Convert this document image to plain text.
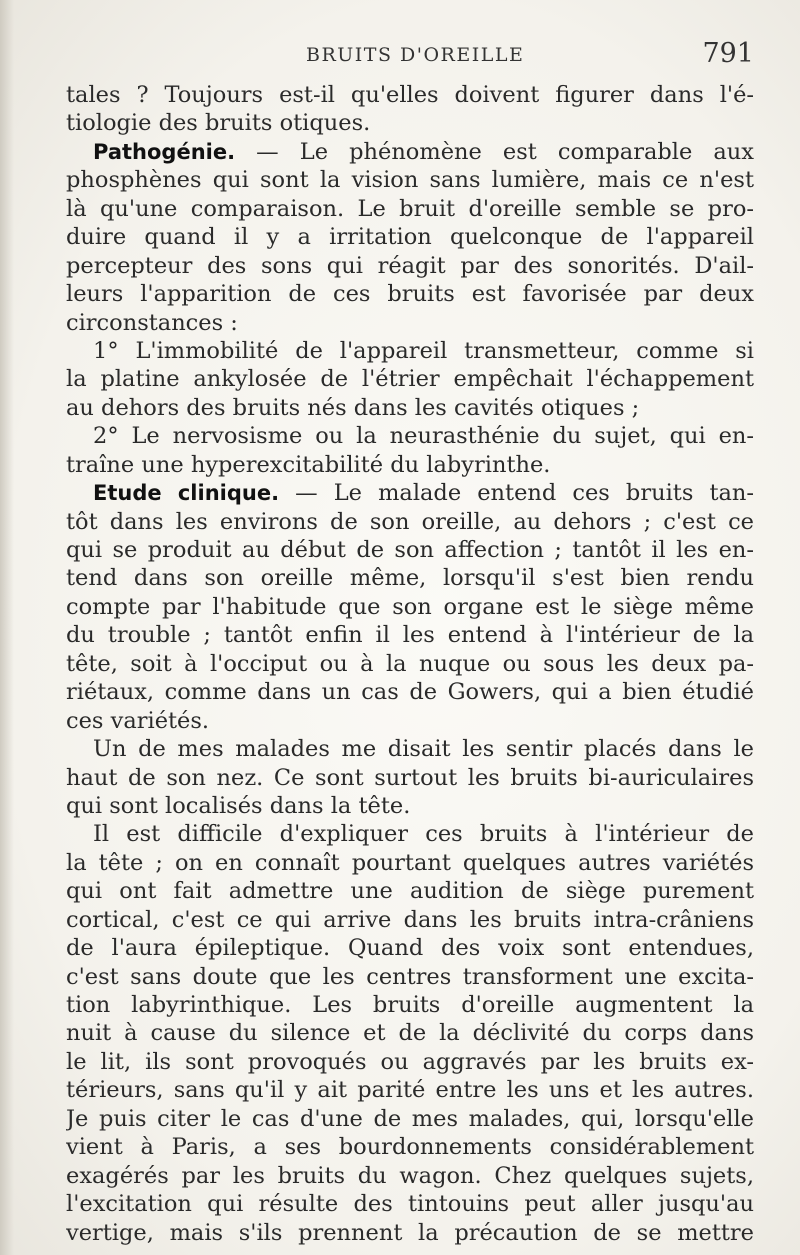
BRUITS D'OREILLE	791
tales ? Toujours est-il qu'elles doivent figurer dans l'é-
tiologie des bruits otiques.
Pathogénie. — Le phénomène est comparable aux
phosphènes qui sont la vision sans lumière, mais ce n'est
là qu'une comparaison. Le bruit d'oreille semble se pro-
duire quand il y a irritation quelconque de l'appareil
percepteur des sons qui réagit par des sonorités. D'ail-
leurs l'apparition de ces bruits est favorisée par deux
circonstances :
1° L'immobilité de l'appareil transmetteur, comme si
la platine ankylosée de l'étrier empêchait l'échappement
au dehors des bruits nés dans les cavités otiques ;
2° Le nervosisme ou la neurasthénie du sujet, qui en-
traîne une hyperexcitabilité du labyrinthe.
Etude clinique. — Le malade entend ces bruits tan-
tôt dans les environs de son oreille, au dehors ; c'est ce
qui se produit au début de son affection ; tantôt il les en-
tend dans son oreille même, lorsqu'il s'est bien rendu
compte par l'habitude que son organe est le siège même
du trouble ; tantôt enfin il les entend à l'intérieur de la
tête, soit à l'occiput ou à la nuque ou sous les deux pa-
riétaux, comme dans un cas de Gowers, qui a bien étudié
ces variétés.
Un de mes malades me disait les sentir placés dans le
haut de son nez. Ce sont surtout les bruits bi-auriculaires
qui sont localisés dans la tête.
Il est difficile d'expliquer ces bruits à l'intérieur de
la tête ; on en connaît pourtant quelques autres variétés
qui ont fait admettre une audition de siège purement
cortical, c'est ce qui arrive dans les bruits intra-crâniens
de l'aura épileptique. Quand des voix sont entendues,
c'est sans doute que les centres transforment une excita-
tion labyrinthique. Les bruits d'oreille augmentent la
nuit à cause du silence et de la déclivité du corps dans
le lit, ils sont provoqués ou aggravés par les bruits ex-
térieurs, sans qu'il y ait parité entre les uns et les autres.
Je puis citer le cas d'une de mes malades, qui, lorsqu'elle
vient à Paris, a ses bourdonnements considérablement
exagérés par les bruits du wagon. Chez quelques sujets,
l'excitation qui résulte des tintouins peut aller jusqu'au
vertige, mais s'ils prennent la précaution de se mettre
